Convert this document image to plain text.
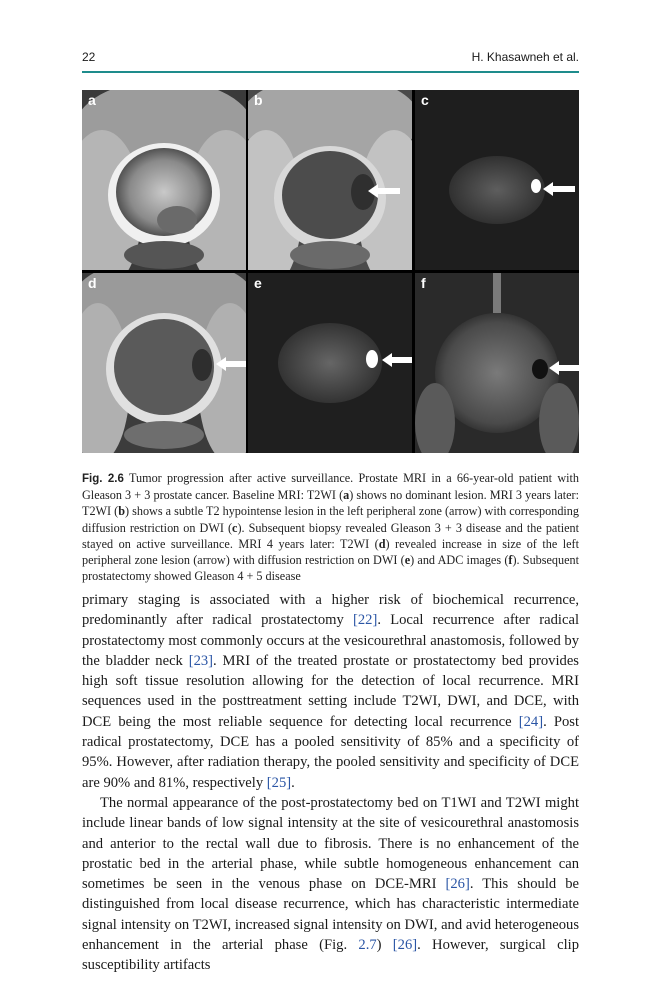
22	H. Khasawneh et al.
a	b	c
d	e	f
Fig. 2.6 Tumor progression after active surveillance. Prostate MRI in a 66-year-old patient with Gleason 3 + 3 prostate cancer. Baseline MRI: T2WI (a) shows no dominant lesion. MRI 3 years later: T2WI (b) shows a subtle T2 hypointense lesion in the left peripheral zone (arrow) with corresponding diffusion restriction on DWI (c). Subsequent biopsy revealed Gleason 3 + 3 disease and the patient stayed on active surveillance. MRI 4 years later: T2WI (d) revealed increase in size of the left peripheral zone lesion (arrow) with diffusion restriction on DWI (e) and ADC images (f). Subsequent prostatectomy showed Gleason 4 + 5 disease

primary staging is associated with a higher risk of biochemical recurrence, predominantly after radical prostatectomy [22]. Local recurrence after radical prostatectomy most commonly occurs at the vesicourethral anastomosis, followed by the bladder neck [23]. MRI of the treated prostate or prostatectomy bed provides high soft tissue resolution allowing for the detection of local recurrence. MRI sequences used in the posttreatment setting include T2WI, DWI, and DCE, with DCE being the most reliable sequence for detecting local recurrence [24]. Post radical prostatectomy, DCE has a pooled sensitivity of 85% and a specificity of 95%. However, after radiation therapy, the pooled sensitivity and specificity of DCE are 90% and 81%, respectively [25].

The normal appearance of the post-prostatectomy bed on T1WI and T2WI might include linear bands of low signal intensity at the site of vesicourethral anastomosis and anterior to the rectal wall due to fibrosis. There is no enhancement of the prostatic bed in the arterial phase, while subtle homogeneous enhancement can sometimes be seen in the venous phase on DCE-MRI [26]. This should be distinguished from local disease recurrence, which has characteristic intermediate signal intensity on T2WI, increased signal intensity on DWI, and avid heterogeneous enhancement in the arterial phase (Fig. 2.7) [26]. However, surgical clip susceptibility artifacts
